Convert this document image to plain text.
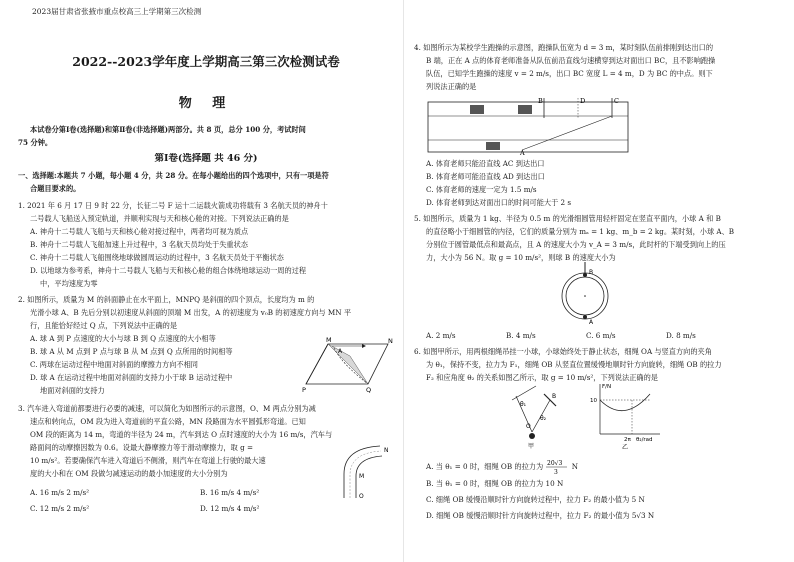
2023届甘肃省张掖市重点校高三上学期第三次检测
2022--2023学年度上学期高三第三次检测试卷
物 理
本试卷分第Ⅰ卷(选择题)和第Ⅱ卷(非选择题)两部分。共 8 页，总分 100 分，考试时间
75 分钟。
第Ⅰ卷(选择题 共 46 分)
一、选择题:本题共 7 小题，每小题 4 分，共 28 分。在每小题给出的四个选项中，只有一项是符
合题目要求的。
1. 2021 年 6 月 17 日 9 时 22 分，长征二号 F 运十二运载火箭成功将载有 3 名航天员的神舟十
二号载人飞船送入预定轨道，并顺利实现与天和核心舱的对接。下列说法正确的是
A. 神舟十二号载人飞船与天和核心舱对接过程中，两者均可视为质点
B. 神舟十二号载人飞船加速上升过程中，3 名航天员均处于失重状态
C. 神舟十二号载人飞船围绕地球做圆周运动的过程中，3 名航天员处于平衡状态
D. 以地球为参考系，神舟十二号载人飞船与天和核心舱的组合体绕地球运动一周的过程
中，平均速度为零
2. 如图所示，质量为 M 的斜面静止在水平面上，MNPQ 是斜面的四个顶点，长度均为 m 的
光滑小球 A、B 先后分别以初速度从斜面的顶端 M 出发，A 的初速度为 v₀B 的初速度方向与 MN 平
行，且能恰好经过 Q 点，下列说法中正确的是
A. 球 A 到 P 点速度的大小与球 B 到 Q 点速度的大小相等
B. 球 A 从 M 点到 P 点与球 B 从 M 点到 Q 点所用的时间相等
C. 两球在运动过程中地面对斜面的摩擦力方向不相同
D. 球 A 在运动过程中地面对斜面的支持力小于球 B 运动过程中
地面对斜面的支持力
M
A
N
P	Q
3. 汽车进入弯道前都要进行必要的减速，可以简化为如图所示的示意图，O、M 两点分别为减
速点和转向点，OM 段为进入弯道前的平直公路，MN 段路面为水平圆弧形弯道。已知
OM 段的距离为 14 m，弯道的半径为 24 m，汽车到达 O 点时速度的大小为 16 m/s，汽车与
路面间的动摩擦因数为 0.6。设最大静摩擦力等于滑动摩擦力，取 g =
10 m/s²。若要确保汽车进入弯道后不侧滑，则汽车在弯道上行驶的最大速
度的大小和在 OM 段做匀减速运动的最小加速度的大小分别为
A. 16 m/s 2 m/s²	B. 16 m/s 4 m/s²
C. 12 m/s 2 m/s²	D. 12 m/s 4 m/s²
N
M
O
4. 如图所示为某校学生跑操的示意图，跑操队伍宽为 d = 3 m，某时刻队伍前排刚到达出口的
B 端，正在 A 点的体育老师准备从队伍前沿直线匀速横穿到达对面出口 BC，且不影响跑操
队伍，已知学生跑操的速度 v = 2 m/s，出口 BC 宽度 L = 4 m，D 为 BC 的中点。则下
列说法正确的是
B	D	C
A
A. 体育老师只能沿直线 AC 到达出口
B. 体育老师可能沿直线 AD 到达出口
C. 体育老师的速度一定为 1.5 m/s
D. 体育老师到达对面出口的时间可能大于 2 s
5. 如图所示，质量为 1 kg、半径为 0.5 m 的光滑细圆管用轻杆固定在竖直平面内，小球 A 和 B
的直径略小于细圆管的内径，它们的质量分别为 mₐ = 1 kg、m_b = 2 kg。某时刻，小球 A、B
分别位于圆管最低点和最高点，且 A 的速度大小为 v_A = 3 m/s，此时杆的下端受到向上的压
力，大小为 56 N。取 g = 10 m/s²，则球 B 的速度大小为
B
A
A. 2 m/s	B. 4 m/s	C. 6 m/s	D. 8 m/s
6. 如图甲所示，用两根细绳吊挂一小球，小球始终处于静止状态，细绳 OA 与竖直方向的夹角
为 θ₁，保持不变，拉力为 F₁，细绳 OB 从竖直位置缓慢地顺时针方向旋转，细绳 OB 的拉力
F₂ 和应角度 θ₂ 的关系如图乙所示，取 g = 10 m/s²，下列说法正确的是
θ₁
O
θ₂
B
甲
F/N
10
2π θ₂/rad
乙
A. 当 θ₁ = 0 时，细绳 OB 的拉力为 20√3
3
N
B. 当 θ₁ = 0 时，细绳 OB 的拉力为 10 N
C. 细绳 OB 缓慢沿顺时针方向旋转过程中，拉力 F₂ 的最小值为 5 N
D. 细绳 OB 缓慢沿顺时针方向旋转过程中，拉力 F₂ 的最小值为 5√3 N
